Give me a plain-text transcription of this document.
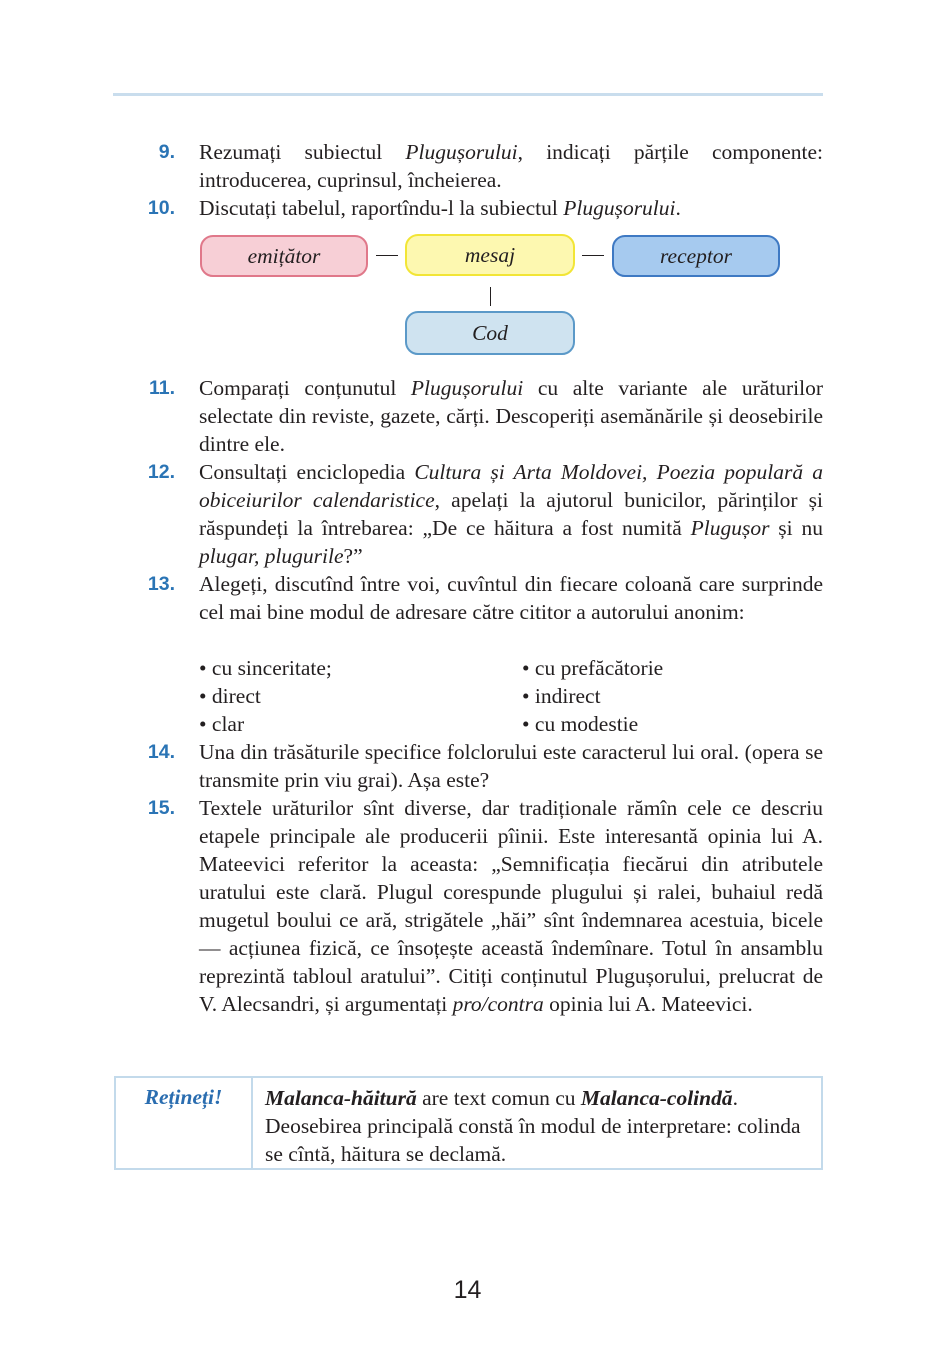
9. Rezumați subiectul Plugușorului, indicați părțile componente: introducerea, cuprinsul, încheierea.
10. Discutați tabelul, raportîndu-l la subiectul Plugușorului.
emițător	mesaj	receptor
Cod
11. Comparați conțunutul Plugușorului cu alte variante ale urăturilor selectate din reviste, gazete, cărți. Descoperiți asemănările și deosebirile dintre ele.
12. Consultați enciclopedia Cultura și Arta Moldovei, Poezia populară a obiceiurilor calendaristice, apelați la ajutorul bunicilor, părinților și răspundeți la întrebarea: „De ce hăitura a fost numită Plugușor și nu plugar, plugurile?”
13. Alegeți, discutînd între voi, cuvîntul din fiecare coloană care surprinde cel mai bine modul de adresare către cititor a autorului anonim:
• cu sinceritate;
• direct
• clar
• cu prefăcătorie
• indirect
• cu modestie
14. Una din trăsăturile specifice folclorului este caracterul lui oral. (opera se transmite prin viu grai). Așa este?
15. Textele urăturilor sînt diverse, dar tradiționale rămîn cele ce descriu etapele principale ale producerii pîinii. Este interesantă opinia lui A. Mateevici referitor la aceasta: „Semnificația fiecărui din atributele uratului este clară. Plugul corespunde plugului și ralei, buhaiul redă mugetul boului ce ară, strigătele „hăi” sînt îndemnarea acestuia, bicele — acțiunea fizică, ce însoțește această îndemînare. Totul în ansamblu reprezintă tabloul aratului”. Citiți conținutul Plugușorului, prelucrat de V. Alecsandri, și argumentați pro/contra opinia lui A. Mateevici.
Rețineți!	Malanca-hăitură are text comun cu Malanca-colindă. Deosebirea principală constă în modul de interpretare: colinda se cîntă, hăitura se declamă.
14
